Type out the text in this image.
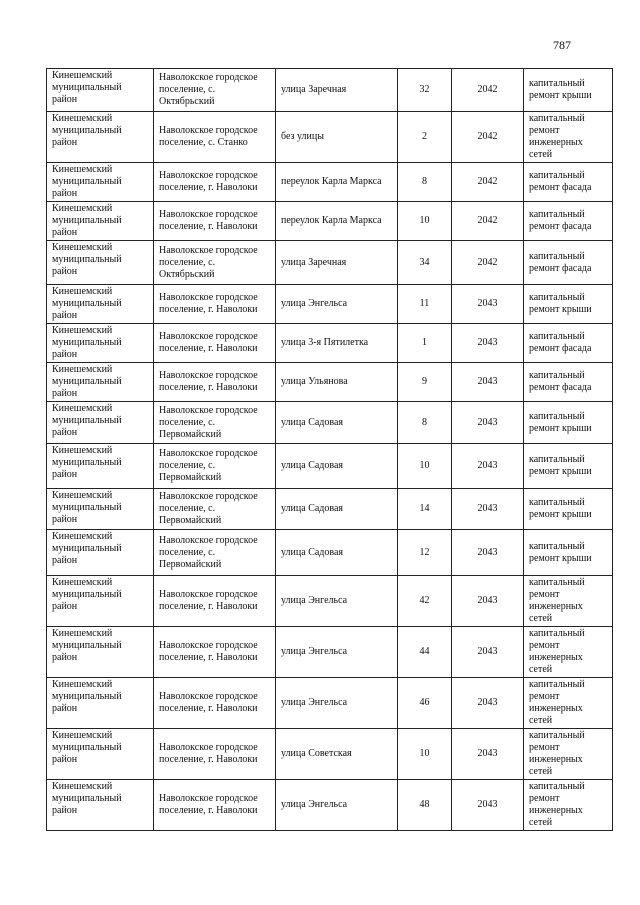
787
Кинешемский муниципальный район	Наволокское городское поселение, с. Октябрьский	улица Заречная	32	2042	капитальный ремонт крыши
Кинешемский муниципальный район	Наволокское городское поселение, с. Станко	без улицы	2	2042	капитальный ремонт инженерных сетей
Кинешемский муниципальный район	Наволокское городское поселение, г. Наволоки	переулок Карла Маркса	8	2042	капитальный ремонт фасада
Кинешемский муниципальный район	Наволокское городское поселение, г. Наволоки	переулок Карла Маркса	10	2042	капитальный ремонт фасада
Кинешемский муниципальный район	Наволокское городское поселение, с. Октябрьский	улица Заречная	34	2042	капитальный ремонт фасада
Кинешемский муниципальный район	Наволокское городское поселение, г. Наволоки	улица Энгельса	11	2043	капитальный ремонт крыши
Кинешемский муниципальный район	Наволокское городское поселение, г. Наволоки	улица 3-я Пятилетка	1	2043	капитальный ремонт фасада
Кинешемский муниципальный район	Наволокское городское поселение, г. Наволоки	улица Ульянова	9	2043	капитальный ремонт фасада
Кинешемский муниципальный район	Наволокское городское поселение, с. Первомайский	улица Садовая	8	2043	капитальный ремонт крыши
Кинешемский муниципальный район	Наволокское городское поселение, с. Первомайский	улица Садовая	10	2043	капитальный ремонт крыши
Кинешемский муниципальный район	Наволокское городское поселение, с. Первомайский	улица Садовая	14	2043	капитальный ремонт крыши
Кинешемский муниципальный район	Наволокское городское поселение, с. Первомайский	улица Садовая	12	2043	капитальный ремонт крыши
Кинешемский муниципальный район	Наволокское городское поселение, г. Наволоки	улица Энгельса	42	2043	капитальный ремонт инженерных сетей
Кинешемский муниципальный район	Наволокское городское поселение, г. Наволоки	улица Энгельса	44	2043	капитальный ремонт инженерных сетей
Кинешемский муниципальный район	Наволокское городское поселение, г. Наволоки	улица Энгельса	46	2043	капитальный ремонт инженерных сетей
Кинешемский муниципальный район	Наволокское городское поселение, г. Наволоки	улица Советская	10	2043	капитальный ремонт инженерных сетей
Кинешемский муниципальный район	Наволокское городское поселение, г. Наволоки	улица Энгельса	48	2043	капитальный ремонт инженерных сетей
